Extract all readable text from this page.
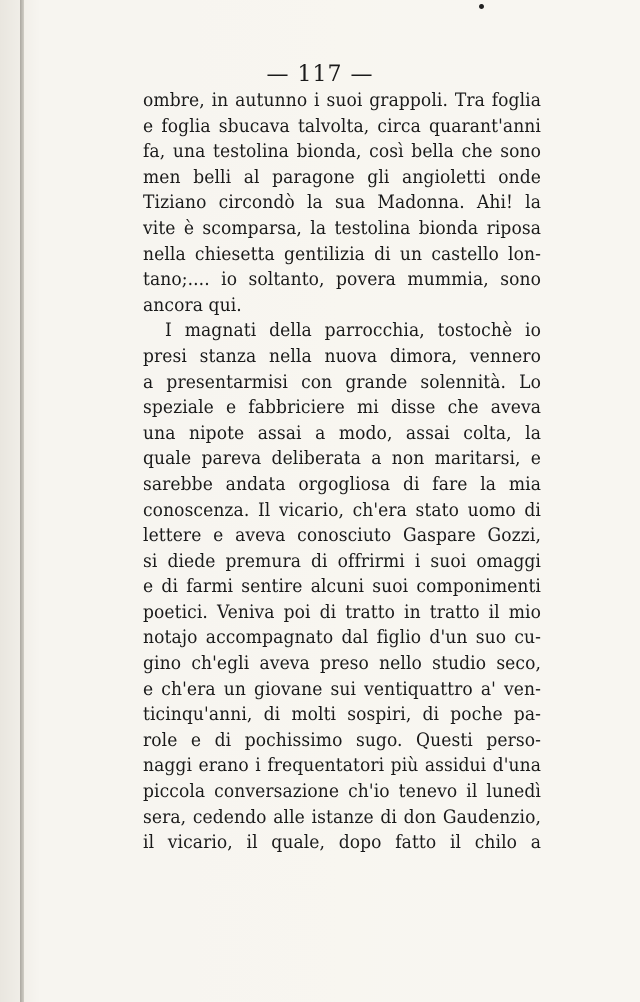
— 117 —
ombre, in autunno i suoi grappoli. Tra foglia
e foglia sbucava talvolta, circa quarant'anni
fa, una testolina bionda, così bella che sono
men belli al paragone gli angioletti onde
Tiziano circondò la sua Madonna. Ahi! la
vite è scomparsa, la testolina bionda riposa
nella chiesetta gentilizia di un castello lon-
tano;.... io soltanto, povera mummia, sono
ancora qui.
I magnati della parrocchia, tostochè io
presi stanza nella nuova dimora, vennero
a presentarmisi con grande solennità. Lo
speziale e fabbriciere mi disse che aveva
una nipote assai a modo, assai colta, la
quale pareva deliberata a non maritarsi, e
sarebbe andata orgogliosa di fare la mia
conoscenza. Il vicario, ch'era stato uomo di
lettere e aveva conosciuto Gaspare Gozzi,
si diede premura di offrirmi i suoi omaggi
e di farmi sentire alcuni suoi componimenti
poetici. Veniva poi di tratto in tratto il mio
notajo accompagnato dal figlio d'un suo cu-
gino ch'egli aveva preso nello studio seco,
e ch'era un giovane sui ventiquattro a' ven-
ticinqu'anni, di molti sospiri, di poche pa-
role e di pochissimo sugo. Questi perso-
naggi erano i frequentatori più assidui d'una
piccola conversazione ch'io tenevo il lunedì
sera, cedendo alle istanze di don Gaudenzio,
il vicario, il quale, dopo fatto il chilo a
